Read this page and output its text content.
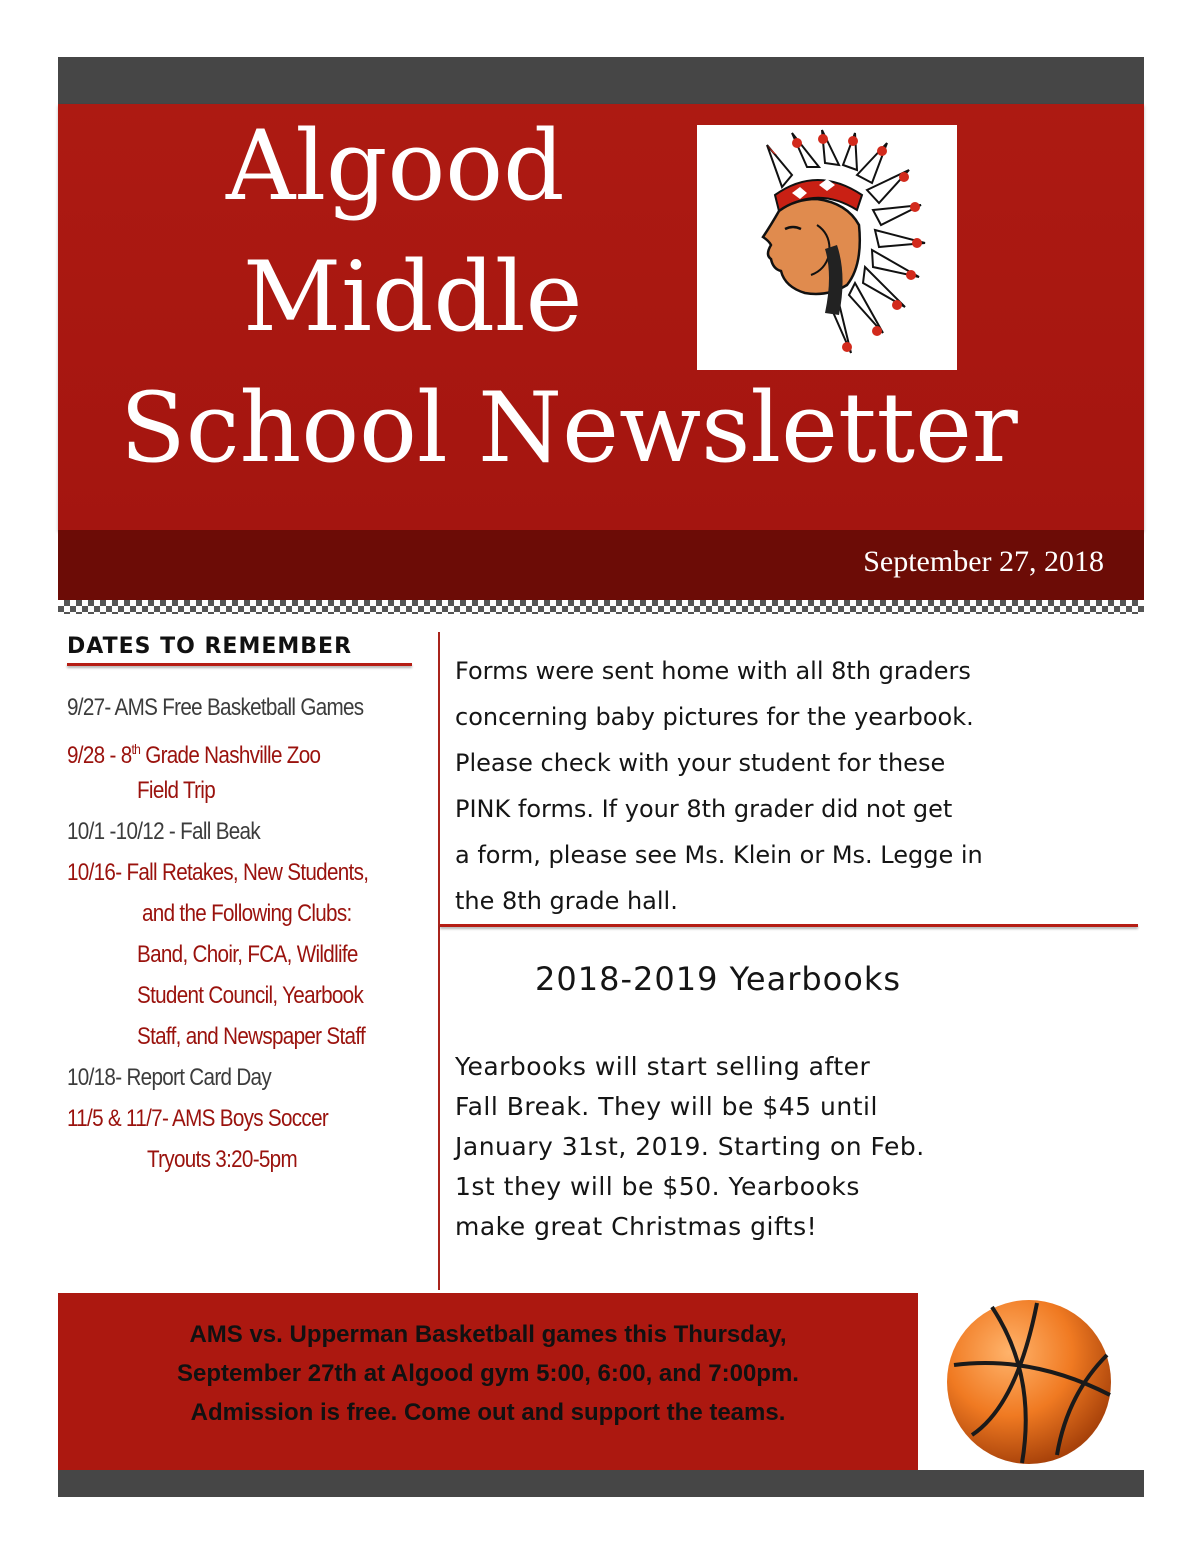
Algood
Middle
School Newsletter
September 27, 2018
DATES TO REMEMBER
9/27- AMS Free Basketball Games
9/28 - 8th Grade Nashville Zoo
Field Trip
10/1 -10/12 - Fall Beak
10/16- Fall Retakes, New Students,
and the Following Clubs:
Band, Choir, FCA, Wildlife
Student Council, Yearbook
Staff, and Newspaper Staff
10/18- Report Card Day
11/5 & 11/7- AMS Boys Soccer
Tryouts 3:20-5pm
Forms were sent home with all 8th graders
concerning baby pictures for the yearbook.
Please check with your student for these
PINK forms. If your 8th grader did not get
a form, please see Ms. Klein or Ms. Legge in
the 8th grade hall.
2018-2019 Yearbooks
Yearbooks will start selling after
Fall Break. They will be $45 until
January 31st, 2019. Starting on Feb.
1st they will be $50. Yearbooks
make great Christmas gifts!
AMS vs. Upperman Basketball games this Thursday,
September 27th at Algood gym 5:00, 6:00, and 7:00pm.
Admission is free. Come out and support the teams.
